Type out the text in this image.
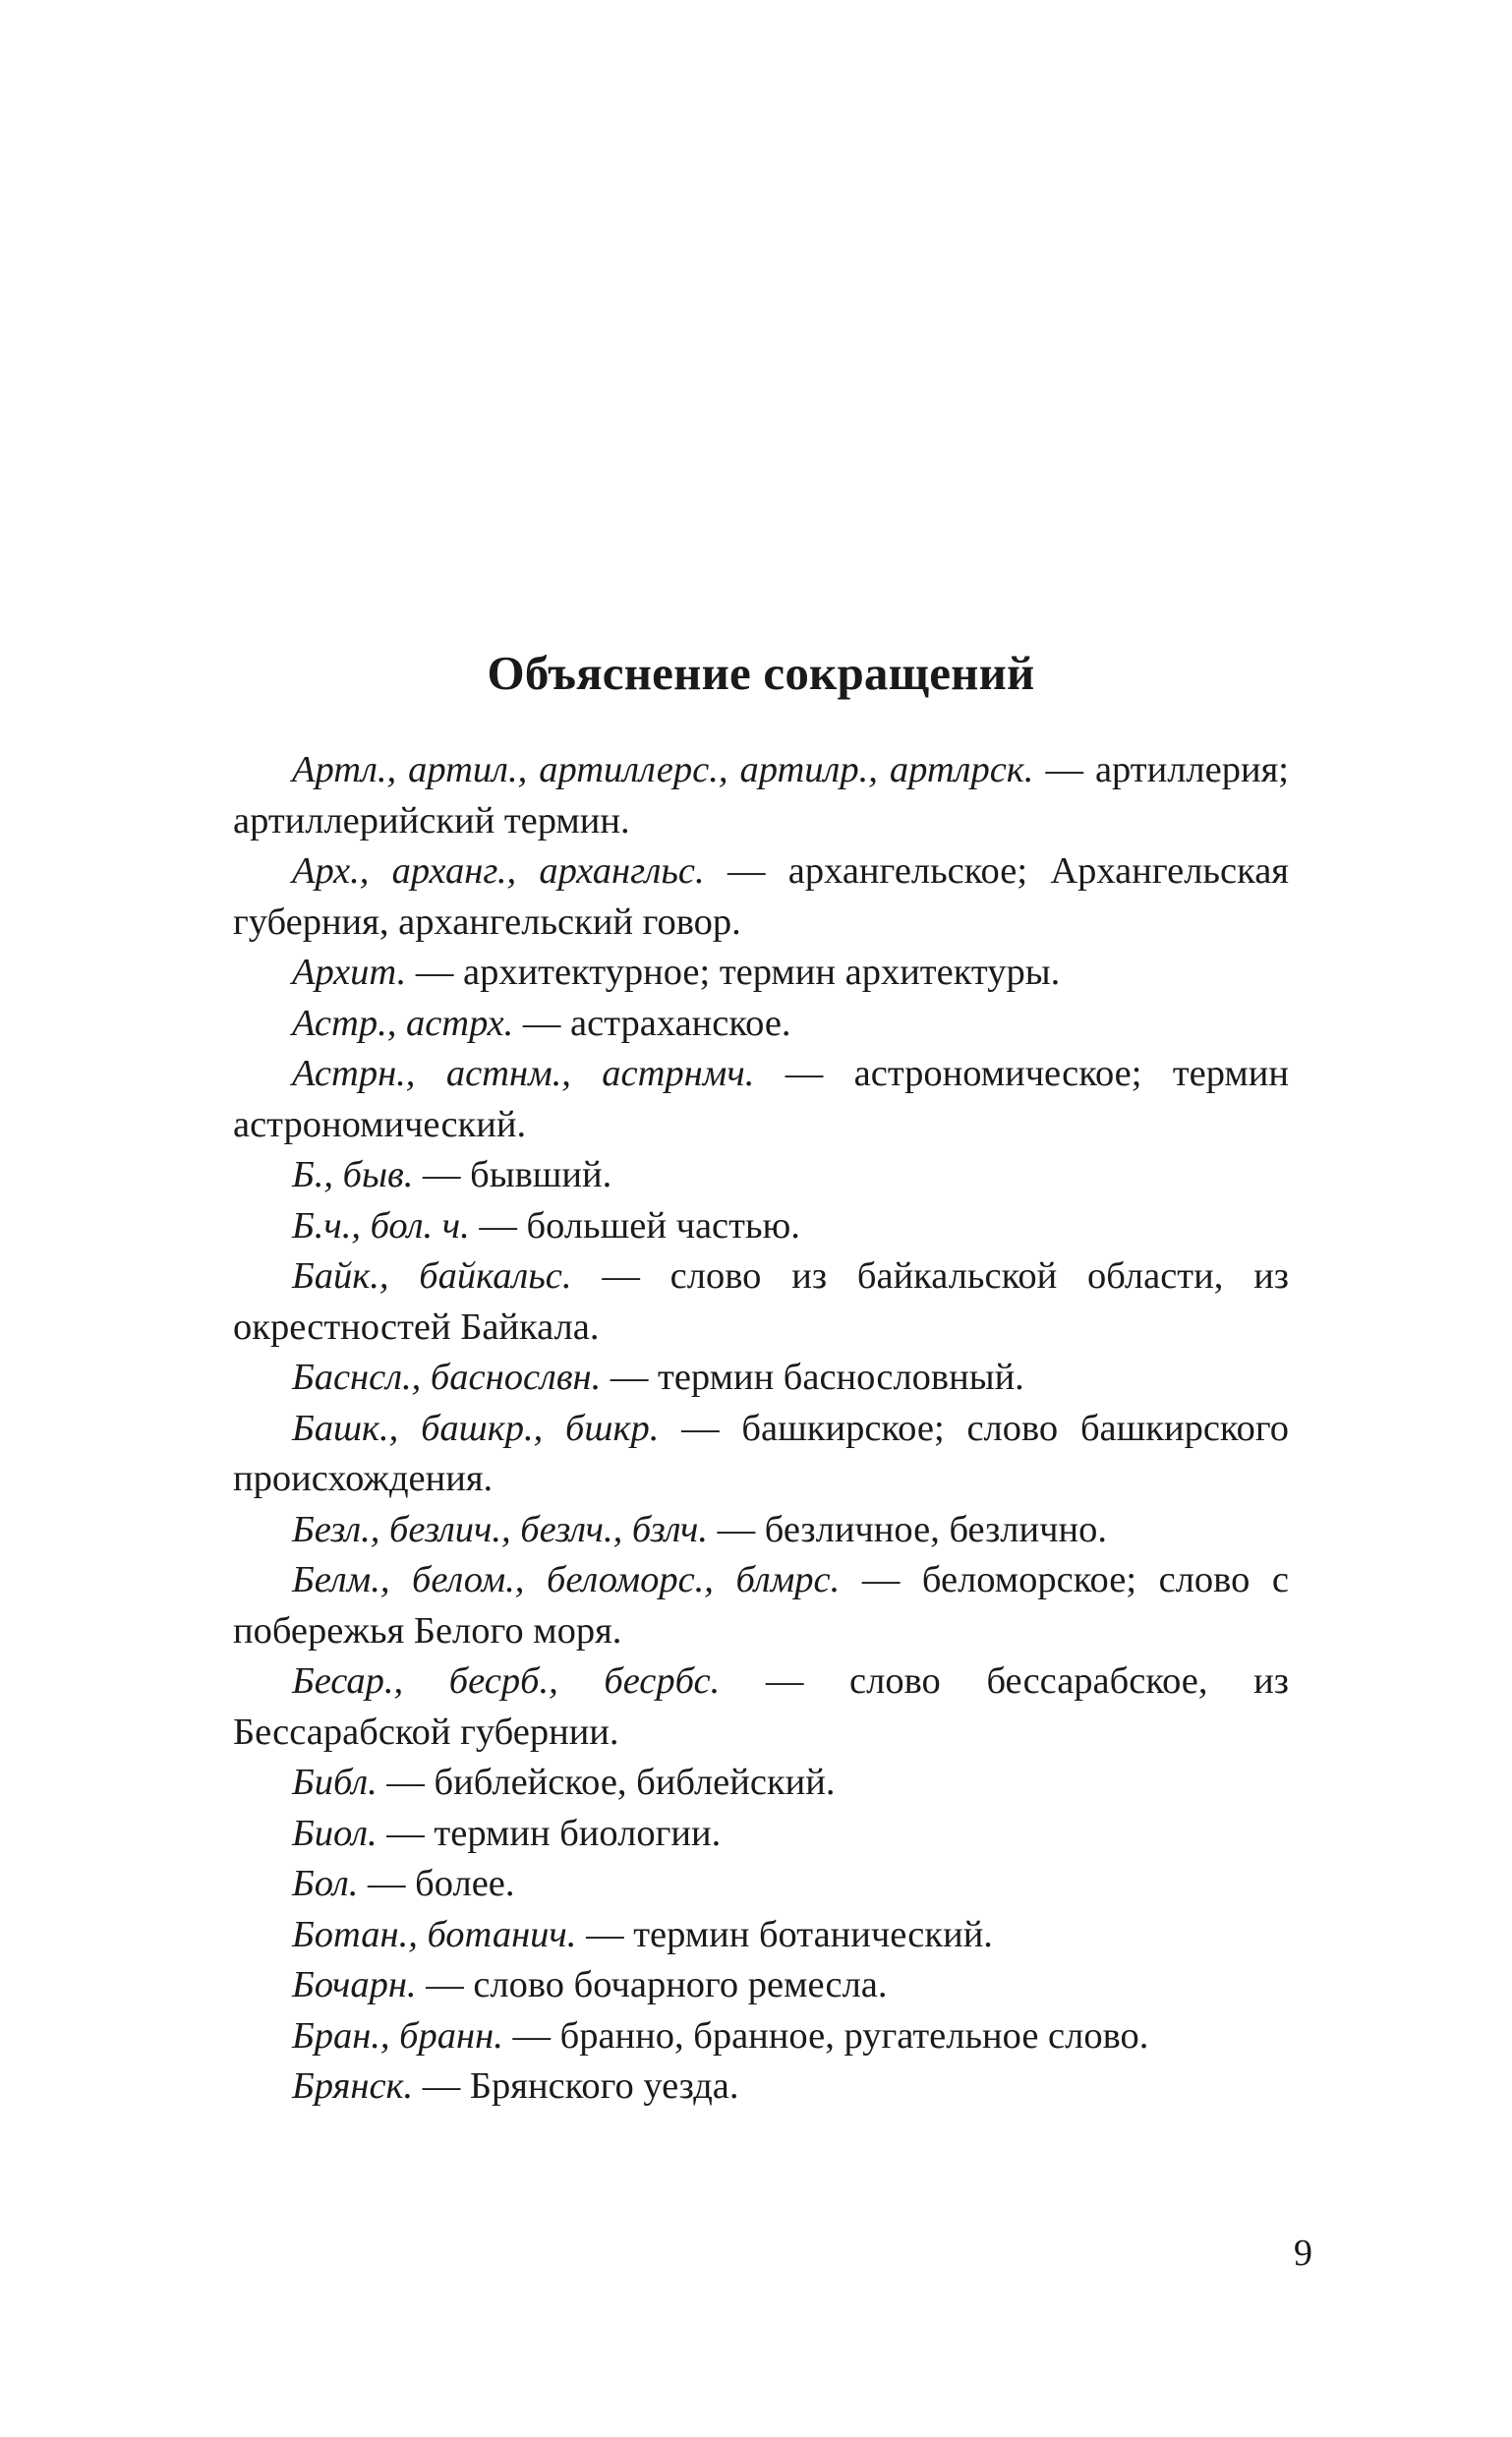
Объяснение сокращений

Артл., артил., артиллерс., артилр., артлрск. — артиллерия; артиллерийский термин.

Арх., арханг., архангльс. — архангельское; Архангельская губерния, архангельский говор.

Архит. — архитектурное; термин архитектуры.

Астр., астрх. — астраханское.

Астрн., астнм., астрнмч. — астрономическое; термин астрономический.

Б., быв. — бывший.

Б.ч., бол. ч. — большей частью.

Байк., байкальс. — слово из байкальской области, из окрестностей Байкала.

Баснсл., баснослвн. — термин баснословный.

Башк., башкр., бшкр. — башкирское; слово башкирского происхождения.

Безл., безлич., безлч., бзлч. — безличное, безлично.

Белм., белом., беломорс., блмрс. — беломорское; слово с побережья Белого моря.

Бесар., бесрб., бесрбс. — слово бессарабское, из Бессарабской губернии.

Библ. — библейское, библейский.

Биол. — термин биологии.

Бол. — более.

Ботан., ботанич. — термин ботанический.

Бочарн. — слово бочарного ремесла.

Бран., бранн. — бранно, бранное, ругательное слово.

Брянск. — Брянского уезда.

9
